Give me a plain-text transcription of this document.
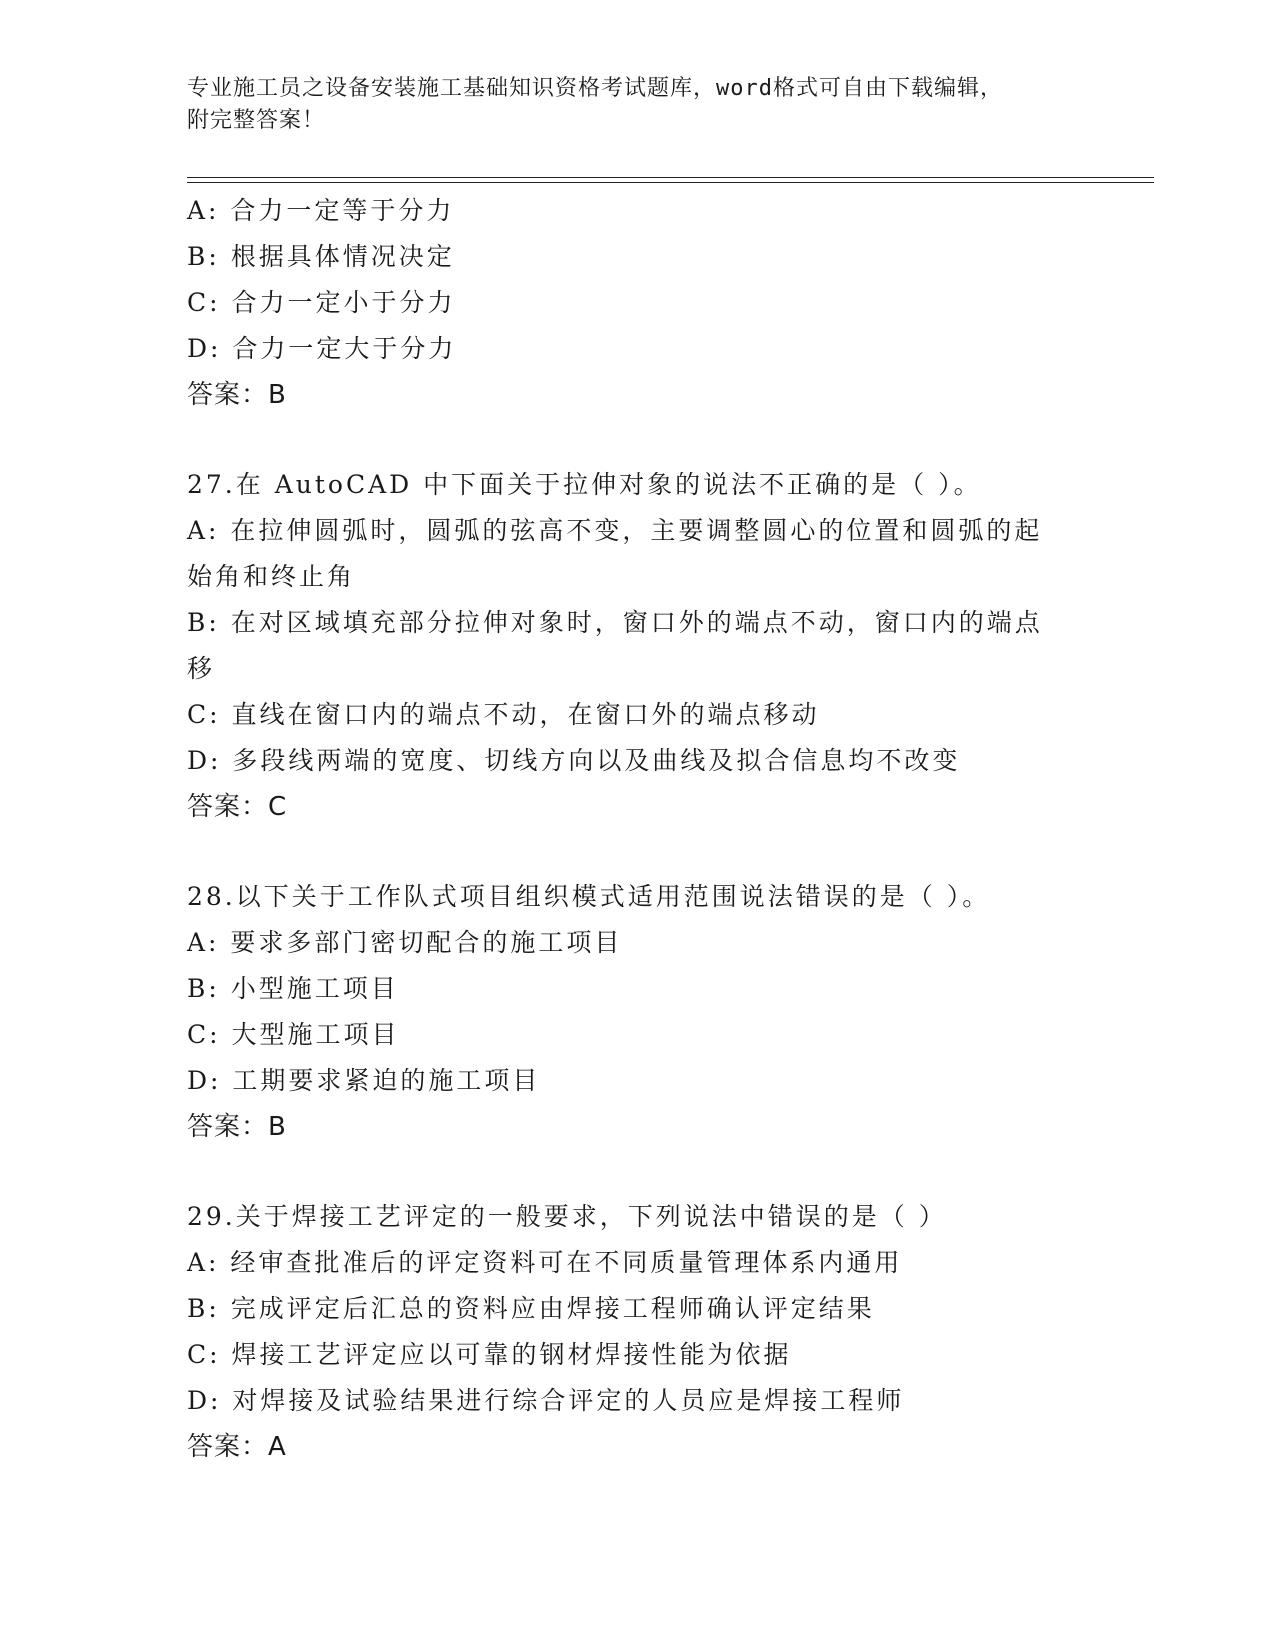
专业施工员之设备安装施工基础知识资格考试题库，word格式可自由下载编辑，
附完整答案！
A: 合力一定等于分力
B: 根据具体情况决定
C: 合力一定小于分力
D: 合力一定大于分力
答案：B
27.在 AutoCAD 中下面关于拉伸对象的说法不正确的是（ ）。
A: 在拉伸圆弧时，圆弧的弦高不变，主要调整圆心的位置和圆弧的起
始角和终止角
B: 在对区域填充部分拉伸对象时，窗口外的端点不动，窗口内的端点
移
C: 直线在窗口内的端点不动，在窗口外的端点移动
D: 多段线两端的宽度、切线方向以及曲线及拟合信息均不改变
答案：C
28.以下关于工作队式项目组织模式适用范围说法错误的是（ ）。
A: 要求多部门密切配合的施工项目
B: 小型施工项目
C: 大型施工项目
D: 工期要求紧迫的施工项目
答案：B
29.关于焊接工艺评定的一般要求，下列说法中错误的是（ ）
A: 经审查批准后的评定资料可在不同质量管理体系内通用
B: 完成评定后汇总的资料应由焊接工程师确认评定结果
C: 焊接工艺评定应以可靠的钢材焊接性能为依据
D: 对焊接及试验结果进行综合评定的人员应是焊接工程师
答案：A
